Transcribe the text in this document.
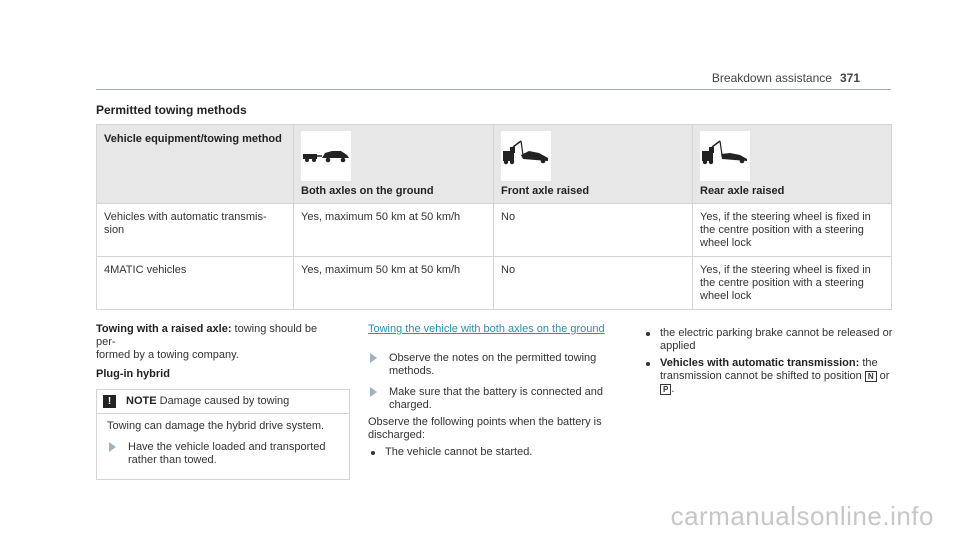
Breakdown assistance 371
Permitted towing methods
Vehicle equipment/towing method	Both axles on the ground	Front axle raised	Rear axle raised

Vehicles with automatic transmis-
sion	Yes, maximum 50 km at 50 km/h	No	Yes, if the steering wheel is fixed in the centre position with a steering wheel lock
4MATIC vehicles	Yes, maximum 50 km at 50 km/h	No	Yes, if the steering wheel is fixed in the centre position with a steering wheel lock

Towing with a raised axle: towing should be per-
formed by a towing company.

Plug-in hybrid
!	NOTE
Damage caused by towing
Towing can damage the hybrid drive system.
Have the vehicle loaded and transported rather than towed.
Towing the vehicle with both axles on the ground
Observe the notes on the permitted towing methods.
Make sure that the battery is connected and charged.
Observe the following points when the battery is discharged:
The vehicle cannot be started.
the electric parking brake cannot be released or applied
Vehicles with automatic transmission: the transmission cannot be shifted to position N or P .
carmanualsonline.info
